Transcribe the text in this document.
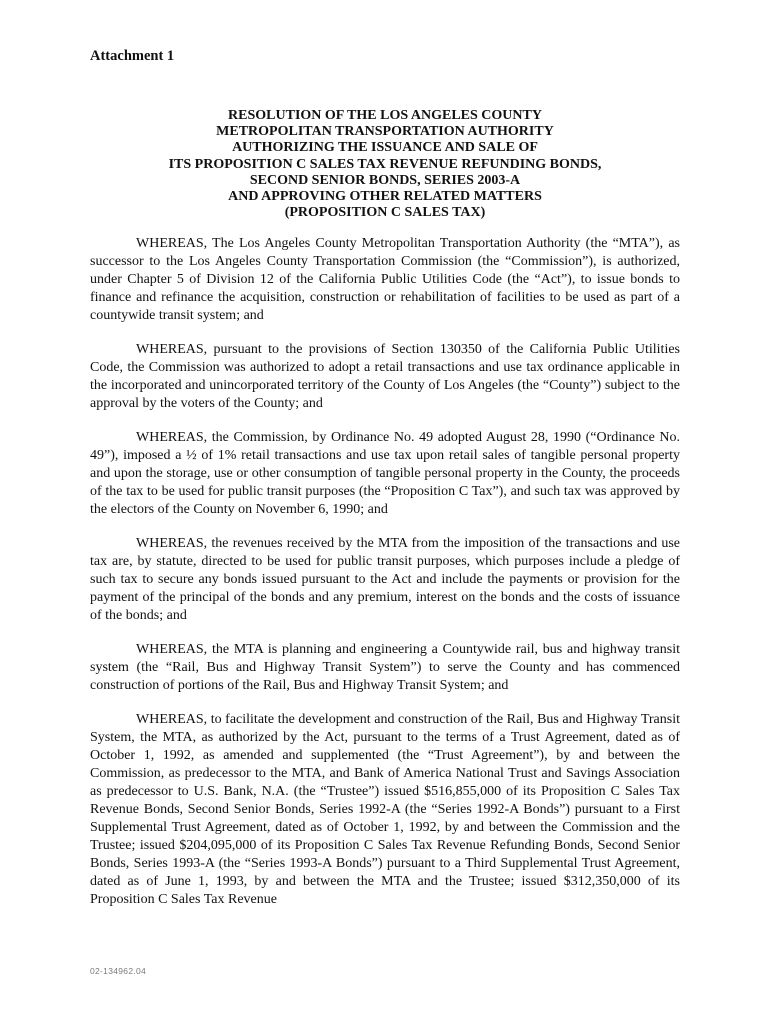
Attachment 1
RESOLUTION OF THE LOS ANGELES COUNTY
METROPOLITAN TRANSPORTATION AUTHORITY
AUTHORIZING THE ISSUANCE AND SALE OF
ITS PROPOSITION C SALES TAX REVENUE REFUNDING BONDS,
SECOND SENIOR BONDS, SERIES 2003-A
AND APPROVING OTHER RELATED MATTERS
(PROPOSITION C SALES TAX)

WHEREAS, The Los Angeles County Metropolitan Transportation Authority (the “MTA”), as successor to the Los Angeles County Transportation Commission (the “Commission”), is authorized, under Chapter 5 of Division 12 of the California Public Utilities Code (the “Act”), to issue bonds to finance and refinance the acquisition, construction or rehabilitation of facilities to be used as part of a countywide transit system; and

WHEREAS, pursuant to the provisions of Section 130350 of the California Public Utilities Code, the Commission was authorized to adopt a retail transactions and use tax ordinance applicable in the incorporated and unincorporated territory of the County of Los Angeles (the “County”) subject to the approval by the voters of the County; and

WHEREAS, the Commission, by Ordinance No. 49 adopted August 28, 1990 (“Ordinance No. 49”), imposed a ½ of 1% retail transactions and use tax upon retail sales of tangible personal property and upon the storage, use or other consumption of tangible personal property in the County, the proceeds of the tax to be used for public transit purposes (the “Proposition C Tax”), and such tax was approved by the electors of the County on November 6, 1990; and

WHEREAS, the revenues received by the MTA from the imposition of the transactions and use tax are, by statute, directed to be used for public transit purposes, which purposes include a pledge of such tax to secure any bonds issued pursuant to the Act and include the payments or provision for the payment of the principal of the bonds and any premium, interest on the bonds and the costs of issuance of the bonds; and

WHEREAS, the MTA is planning and engineering a Countywide rail, bus and highway transit system (the “Rail, Bus and Highway Transit System”) to serve the County and has commenced construction of portions of the Rail, Bus and Highway Transit System; and

WHEREAS, to facilitate the development and construction of the Rail, Bus and Highway Transit System, the MTA, as authorized by the Act, pursuant to the terms of a Trust Agreement, dated as of October 1, 1992, as amended and supplemented (the “Trust Agreement”), by and between the Commission, as predecessor to the MTA, and Bank of America National Trust and Savings Association as predecessor to U.S. Bank, N.A. (the “Trustee”) issued $516,855,000 of its Proposition C Sales Tax Revenue Bonds, Second Senior Bonds, Series 1992-A (the “Series 1992-A Bonds”) pursuant to a First Supplemental Trust Agreement, dated as of October 1, 1992, by and between the Commission and the Trustee; issued $204,095,000 of its Proposition C Sales Tax Revenue Refunding Bonds, Second Senior Bonds, Series 1993-A (the “Series 1993-A Bonds”) pursuant to a Third Supplemental Trust Agreement, dated as of June 1, 1993, by and between the MTA and the Trustee; issued $312,350,000 of its Proposition C Sales Tax Revenue

02-134962.04
